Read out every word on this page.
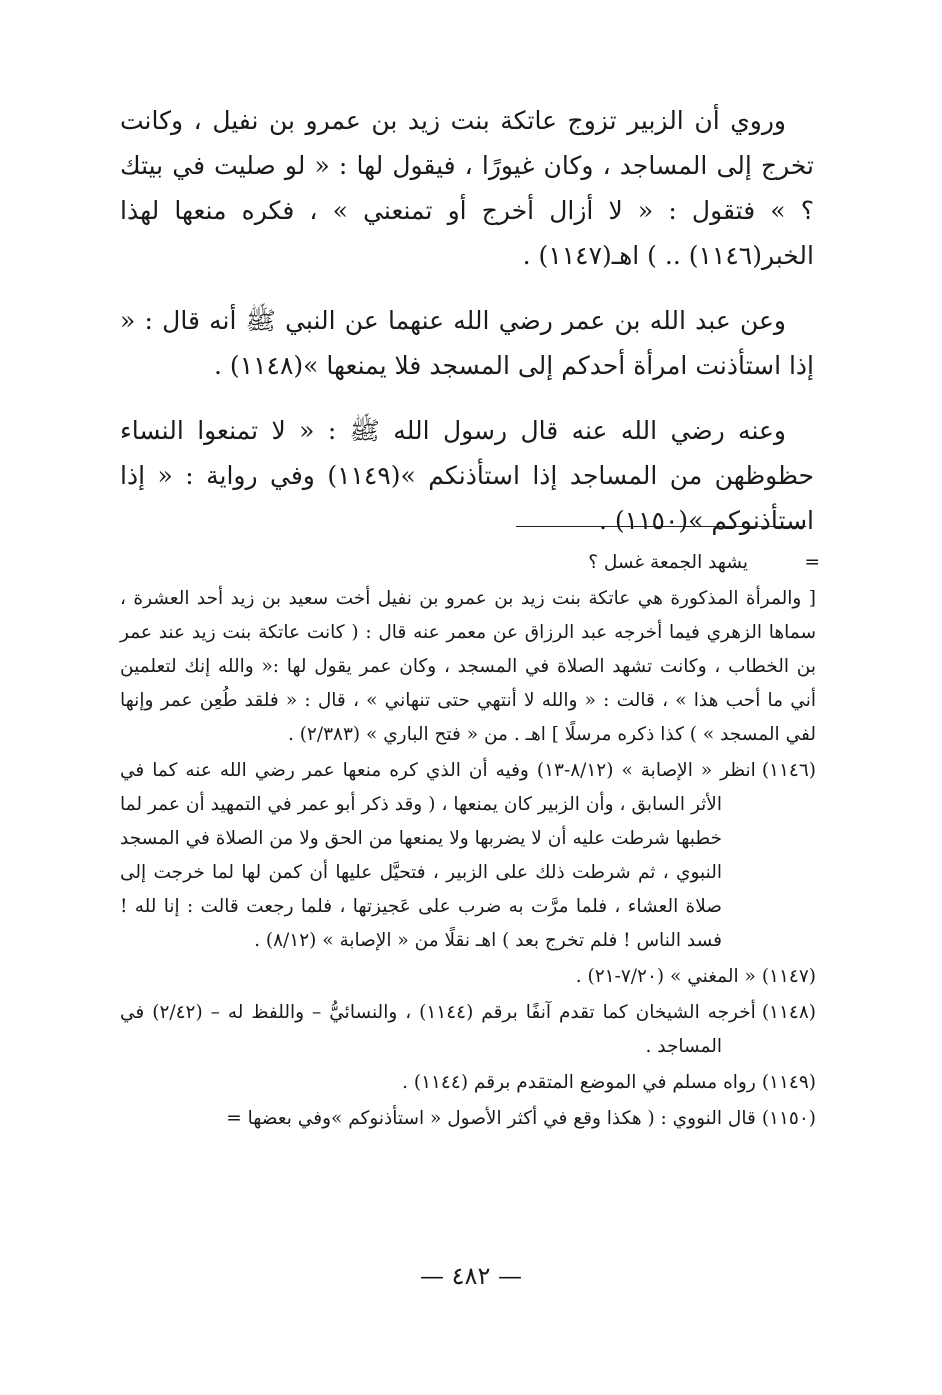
وروي أن الزبير تزوج عاتكة بنت زيد بن عمرو بن نفيل ، وكانت تخرج إلى المساجد ، وكان غيورًا ، فيقول لها : « لو صليت في بيتك ؟ » فتقول : « لا أزال أخرج أو تمنعني » ، فكره منعها لهذا الخبر(١١٤٦) .. ) اهـ(١١٤٧) .

وعن عبد الله بن عمر رضي الله عنهما عن النبي ﷺ أنه قال : « إذا استأذنت امرأة أحدكم إلى المسجد فلا يمنعها »(١١٤٨) .

وعنه رضي الله عنه قال رسول الله ﷺ : « لا تمنعوا النساء حظوظهن من المساجد إذا استأذنكم »(١١٤٩) وفي رواية : « إذا استأذنوكم »(١١٥٠) .

=
يشهد الجمعة غسل ؟
[ والمرأة المذكورة هي عاتكة بنت زيد بن عمرو بن نفيل أخت سعيد بن زيد أحد العشرة ، سماها الزهري فيما أخرجه عبد الرزاق عن معمر عنه قال : ( كانت عاتكة بنت زيد عند عمر بن الخطاب ، وكانت تشهد الصلاة في المسجد ، وكان عمر يقول لها :« والله إنك لتعلمين أني ما أحب هذا » ، قالت : « والله لا أنتهي حتى تنهاني » ، قال : « فلقد طُعِن عمر وإنها لفي المسجد » ) كذا ذكره مرسلًا ] اهـ . من « فتح الباري » (٢/٣٨٣) .
(١١٤٦)انظر « الإصابة » (٨/١٢-١٣) وفيه أن الذي كره منعها عمر رضي الله عنه كما في الأثر السابق ، وأن الزبير كان يمنعها ، ( وقد ذكر أبو عمر في التمهيد أن عمر لما خطبها شرطت عليه أن لا يضربها ولا يمنعها من الحق ولا من الصلاة في المسجد النبوي ، ثم شرطت ذلك على الزبير ، فتحيَّل عليها أن كمن لها لما خرجت إلى صلاة العشاء ، فلما مرَّت به ضرب على عَجيزتها ، فلما رجعت قالت : إنا لله ! فسد الناس ! فلم تخرج بعد ) اهـ نقلًا من « الإصابة » (٨/١٢) .
(١١٤٧)« المغني » (٧/٢٠-٢١) .
(١١٤٨)أخرجه الشيخان كما تقدم آنفًا برقم (١١٤٤) ، والنسائيُّ – واللفظ له – (٢/٤٢) في المساجد .
(١١٤٩)رواه مسلم في الموضع المتقدم برقم (١١٤٤) .
(١١٥٠)قال النووي : ( هكذا وقع في أكثر الأصول « استأذنوكم »وفي بعضها =
— ٤٨٢ —
